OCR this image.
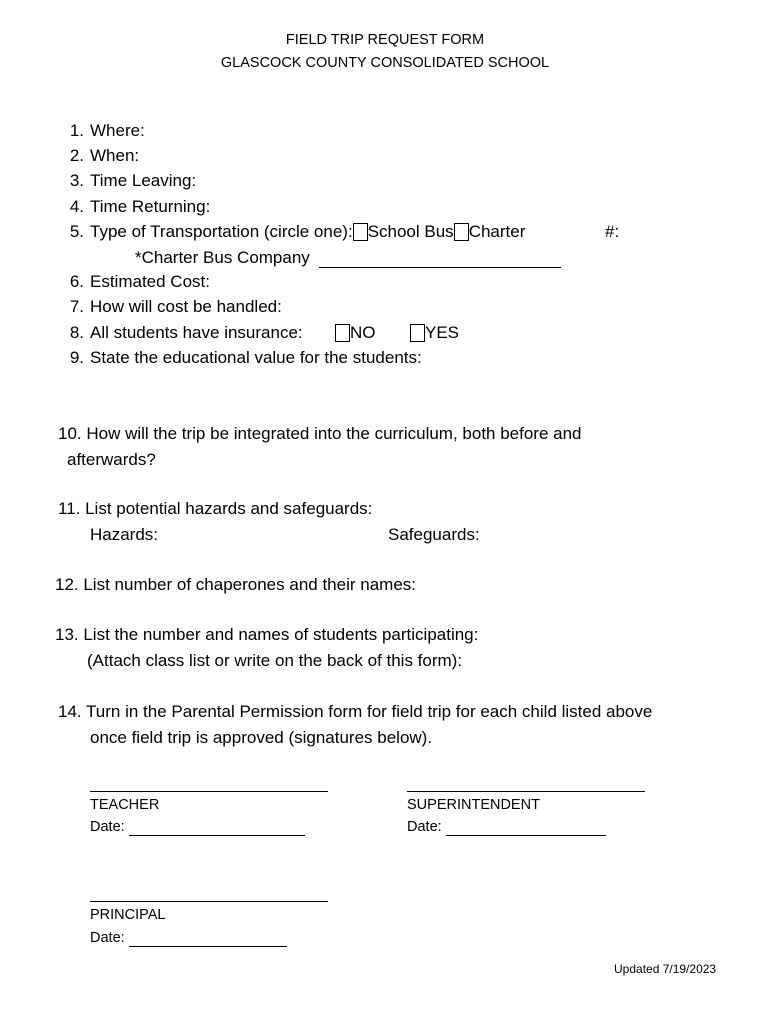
FIELD TRIP REQUEST FORM
GLASCOCK COUNTY CONSOLIDATED SCHOOL
1. Where:
2. When:
3. Time Leaving:
4. Time Returning:
5. Type of Transportation (circle one): School Bus Charter	#:
*Charter Bus Company
6. Estimated Cost:
7. How will cost be handled:
8. All students have insurance:	NO	YES
9. State the educational value for the students:
10. How will the trip be integrated into the curriculum, both before and
afterwards?
11. List potential hazards and safeguards:
Hazards:	Safeguards:
12. List number of chaperones and their names:
13. List the number and names of students participating:
(Attach class list or write on the back of this form):
14. Turn in the Parental Permission form for field trip for each child listed above
once field trip is approved (signatures below).
TEACHER
Date:
SUPERINTENDENT
Date:
PRINCIPAL
Date:
Updated 7/19/2023
